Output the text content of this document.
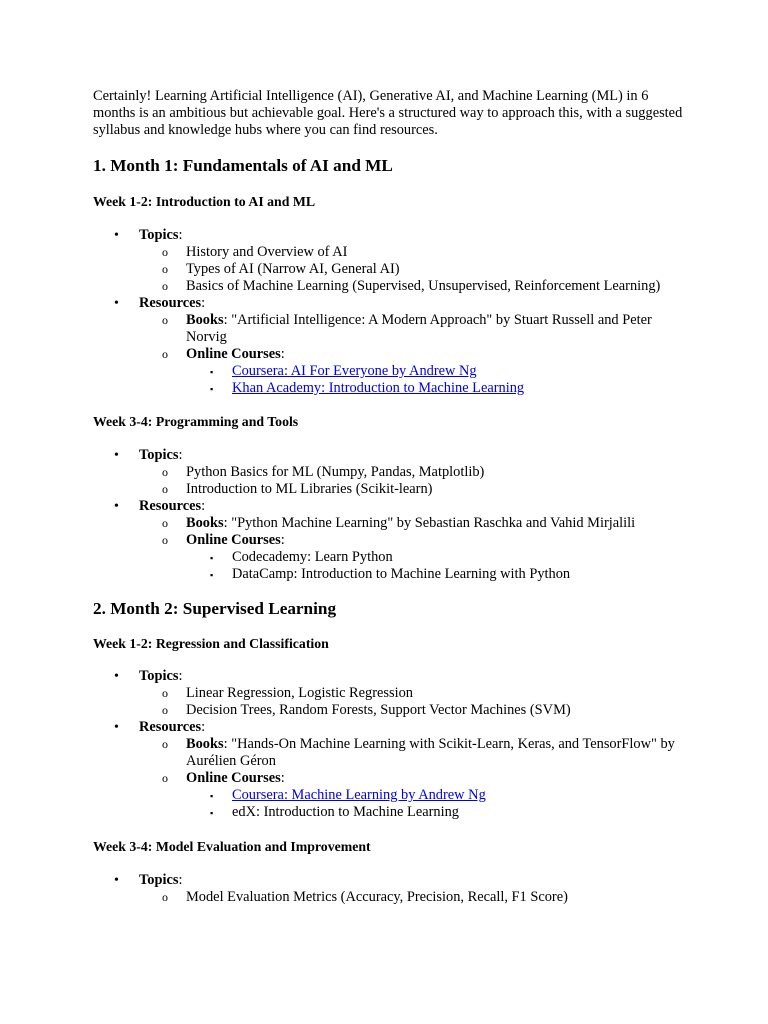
Certainly! Learning Artificial Intelligence (AI), Generative AI, and Machine Learning (ML) in 6 months is an ambitious but achievable goal. Here's a structured way to approach this, with a suggested syllabus and knowledge hubs where you can find resources.

1. Month 1: Fundamentals of AI and ML
Week 1-2: Introduction to AI and ML
• Topics:
o History and Overview of AI
o Types of AI (Narrow AI, General AI)
o Basics of Machine Learning (Supervised, Unsupervised, Reinforcement Learning)
• Resources:
o Books: "Artificial Intelligence: A Modern Approach" by Stuart Russell and Peter Norvig
o Online Courses:
▪ Coursera: AI For Everyone by Andrew Ng
▪ Khan Academy: Introduction to Machine Learning
Week 3-4: Programming and Tools
• Topics:
o Python Basics for ML (Numpy, Pandas, Matplotlib)
o Introduction to ML Libraries (Scikit-learn)
• Resources:
o Books: "Python Machine Learning" by Sebastian Raschka and Vahid Mirjalili
o Online Courses:
▪ Codecademy: Learn Python
▪ DataCamp: Introduction to Machine Learning with Python
2. Month 2: Supervised Learning
Week 1-2: Regression and Classification
• Topics:
o Linear Regression, Logistic Regression
o Decision Trees, Random Forests, Support Vector Machines (SVM)
• Resources:
o Books: "Hands-On Machine Learning with Scikit-Learn, Keras, and TensorFlow" by Aurélien Géron
o Online Courses:
▪ Coursera: Machine Learning by Andrew Ng
▪ edX: Introduction to Machine Learning
Week 3-4: Model Evaluation and Improvement
• Topics:
o Model Evaluation Metrics (Accuracy, Precision, Recall, F1 Score)
